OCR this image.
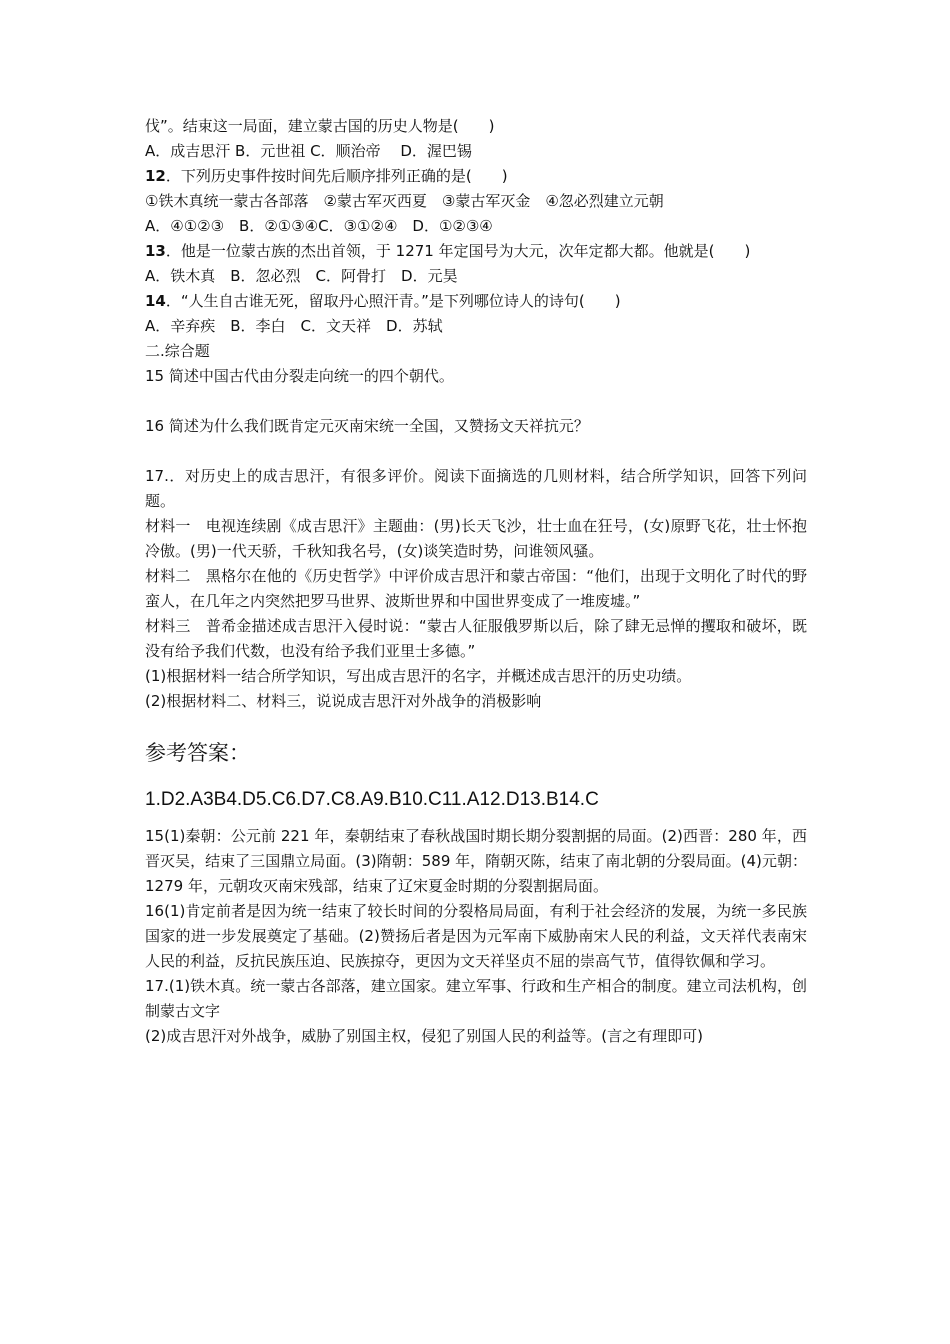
伐”。结束这一局面，建立蒙古国的历史人物是(　　)
A．成吉思汗 B．元世祖 C．顺治帝　 D．渥巴锡
12．下列历史事件按时间先后顺序排列正确的是(　　)
①铁木真统一蒙古各部落　②蒙古军灭西夏　③蒙古军灭金　④忽必烈建立元朝
A．④①②③　B．②①③④C．③①②④　D．①②③④
13．他是一位蒙古族的杰出首领，于 1271 年定国号为大元，次年定都大都。他就是(　　)
A．铁木真　B．忽必烈　C．阿骨打　D．元昊
14．“人生自古谁无死，留取丹心照汗青。”是下列哪位诗人的诗句(　　)
A．辛弃疾　B．李白　C．文天祥　D．苏轼
二.综合题
15 简述中国古代由分裂走向统一的四个朝代。
16 简述为什么我们既肯定元灭南宋统一全国，又赞扬文天祥抗元？
17.．对历史上的成吉思汗，有很多评价。阅读下面摘选的几则材料，结合所学知识，回答下列问题。
材料一　电视连续剧《成吉思汗》主题曲：(男)长天飞沙，壮士血在狂号，(女)原野飞花，壮士怀抱冷傲。(男)一代天骄，千秋知我名号，(女)谈笑造时势，问谁领风骚。
材料二　黑格尔在他的《历史哲学》中评价成吉思汗和蒙古帝国：“他们，出现于文明化了时代的野蛮人，在几年之内突然把罗马世界、波斯世界和中国世界变成了一堆废墟。”
材料三　普希金描述成吉思汗入侵时说：“蒙古人征服俄罗斯以后，除了肆无忌惮的攫取和破坏，既没有给予我们代数，也没有给予我们亚里士多德。”
(1)根据材料一结合所学知识，写出成吉思汗的名字，并概述成吉思汗的历史功绩。
(2)根据材料二、材料三，说说成吉思汗对外战争的消极影响
参考答案：
1.D2.A3B4.D5.C6.D7.C8.A9.B10.C11.A12.D13.B14.C
15(1)秦朝：公元前 221 年，秦朝结束了春秋战国时期长期分裂割据的局面。(2)西晋：280 年，西晋灭吴，结束了三国鼎立局面。(3)隋朝：589 年，隋朝灭陈，结束了南北朝的分裂局面。(4)元朝：1279 年，元朝攻灭南宋残部，结束了辽宋夏金时期的分裂割据局面。
16(1)肯定前者是因为统一结束了较长时间的分裂格局局面，有利于社会经济的发展，为统一多民族国家的进一步发展奠定了基础。(2)赞扬后者是因为元军南下威胁南宋人民的利益，文天祥代表南宋人民的利益，反抗民族压迫、民族掠夺，更因为文天祥坚贞不屈的崇高气节，值得钦佩和学习。
17.(1)铁木真。统一蒙古各部落，建立国家。建立军事、行政和生产相合的制度。建立司法机构，创制蒙古文字
(2)成吉思汗对外战争，威胁了别国主权，侵犯了别国人民的利益等。(言之有理即可)
